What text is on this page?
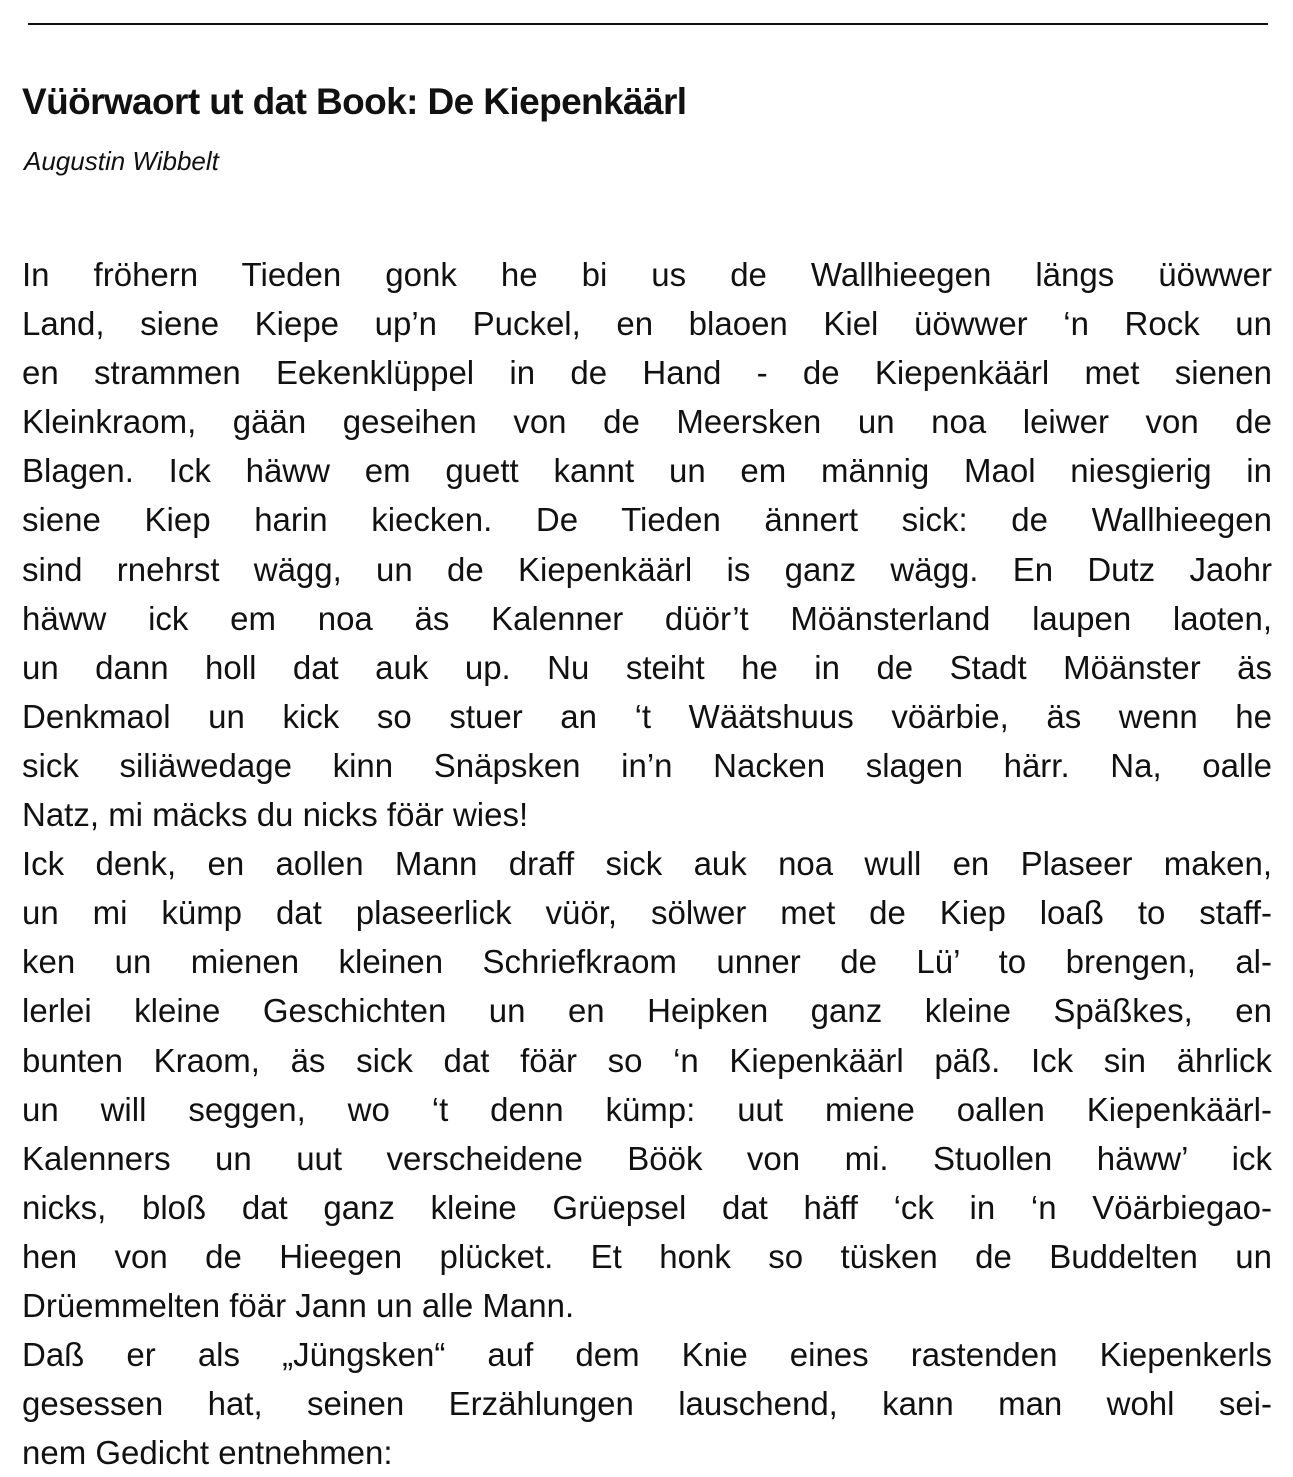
Vüörwaort ut dat Book: De Kiepenkäärl

Augustin Wibbelt

In fröhern Tieden gonk he bi us de Wallhieegen längs üöwwer
Land, siene Kiepe up’n Puckel, en blaoen Kiel üöwwer ‘n Rock un
en strammen Eekenklüppel in de Hand - de Kiepenkäärl met sienen
Kleinkraom, gään geseihen von de Meersken un noa leiwer von de
Blagen. Ick häww em guett kannt un em männig Maol niesgierig in
siene Kiep harin kiecken. De Tieden ännert sick: de Wallhieegen
sind rnehrst wägg, un de Kiepenkäärl is ganz wägg. En Dutz Jaohr
häww ick em noa äs Kalenner düör’t Möänsterland laupen laoten,
un dann holl dat auk up. Nu steiht he in de Stadt Möänster äs
Denkmaol un kick so stuer an ‘t Wäätshuus vöärbie, äs wenn he
sick siliäwedage kinn Snäpsken in’n Nacken slagen härr. Na, oalle
Natz, mi mäcks du nicks föär wies!
Ick denk, en aollen Mann draff sick auk noa wull en Plaseer maken,
un mi kümp dat plaseerlick vüör, sölwer met de Kiep loaß to staff-
ken un mienen kleinen Schriefkraom unner de Lü’ to brengen, al-
lerlei kleine Geschichten un en Heipken ganz kleine Späßkes, en
bunten Kraom, äs sick dat föär so ‘n Kiepenkäärl päß. Ick sin ährlick
un will seggen, wo ‘t denn kümp: uut miene oallen Kiepenkäärl-
Kalenners un uut verscheidene Böök von mi. Stuollen häww’ ick
nicks, bloß dat ganz kleine Grüepsel dat häff ‘ck in ‘n Vöärbiegao-
hen von de Hieegen plücket. Et honk so tüsken de Buddelten un
Drüemmelten föär Jann un alle Mann.
Daß er als „Jüngsken“ auf dem Knie eines rastenden Kiepenkerls
gesessen hat, seinen Erzählungen lauschend, kann man wohl sei-
nem Gedicht entnehmen:
